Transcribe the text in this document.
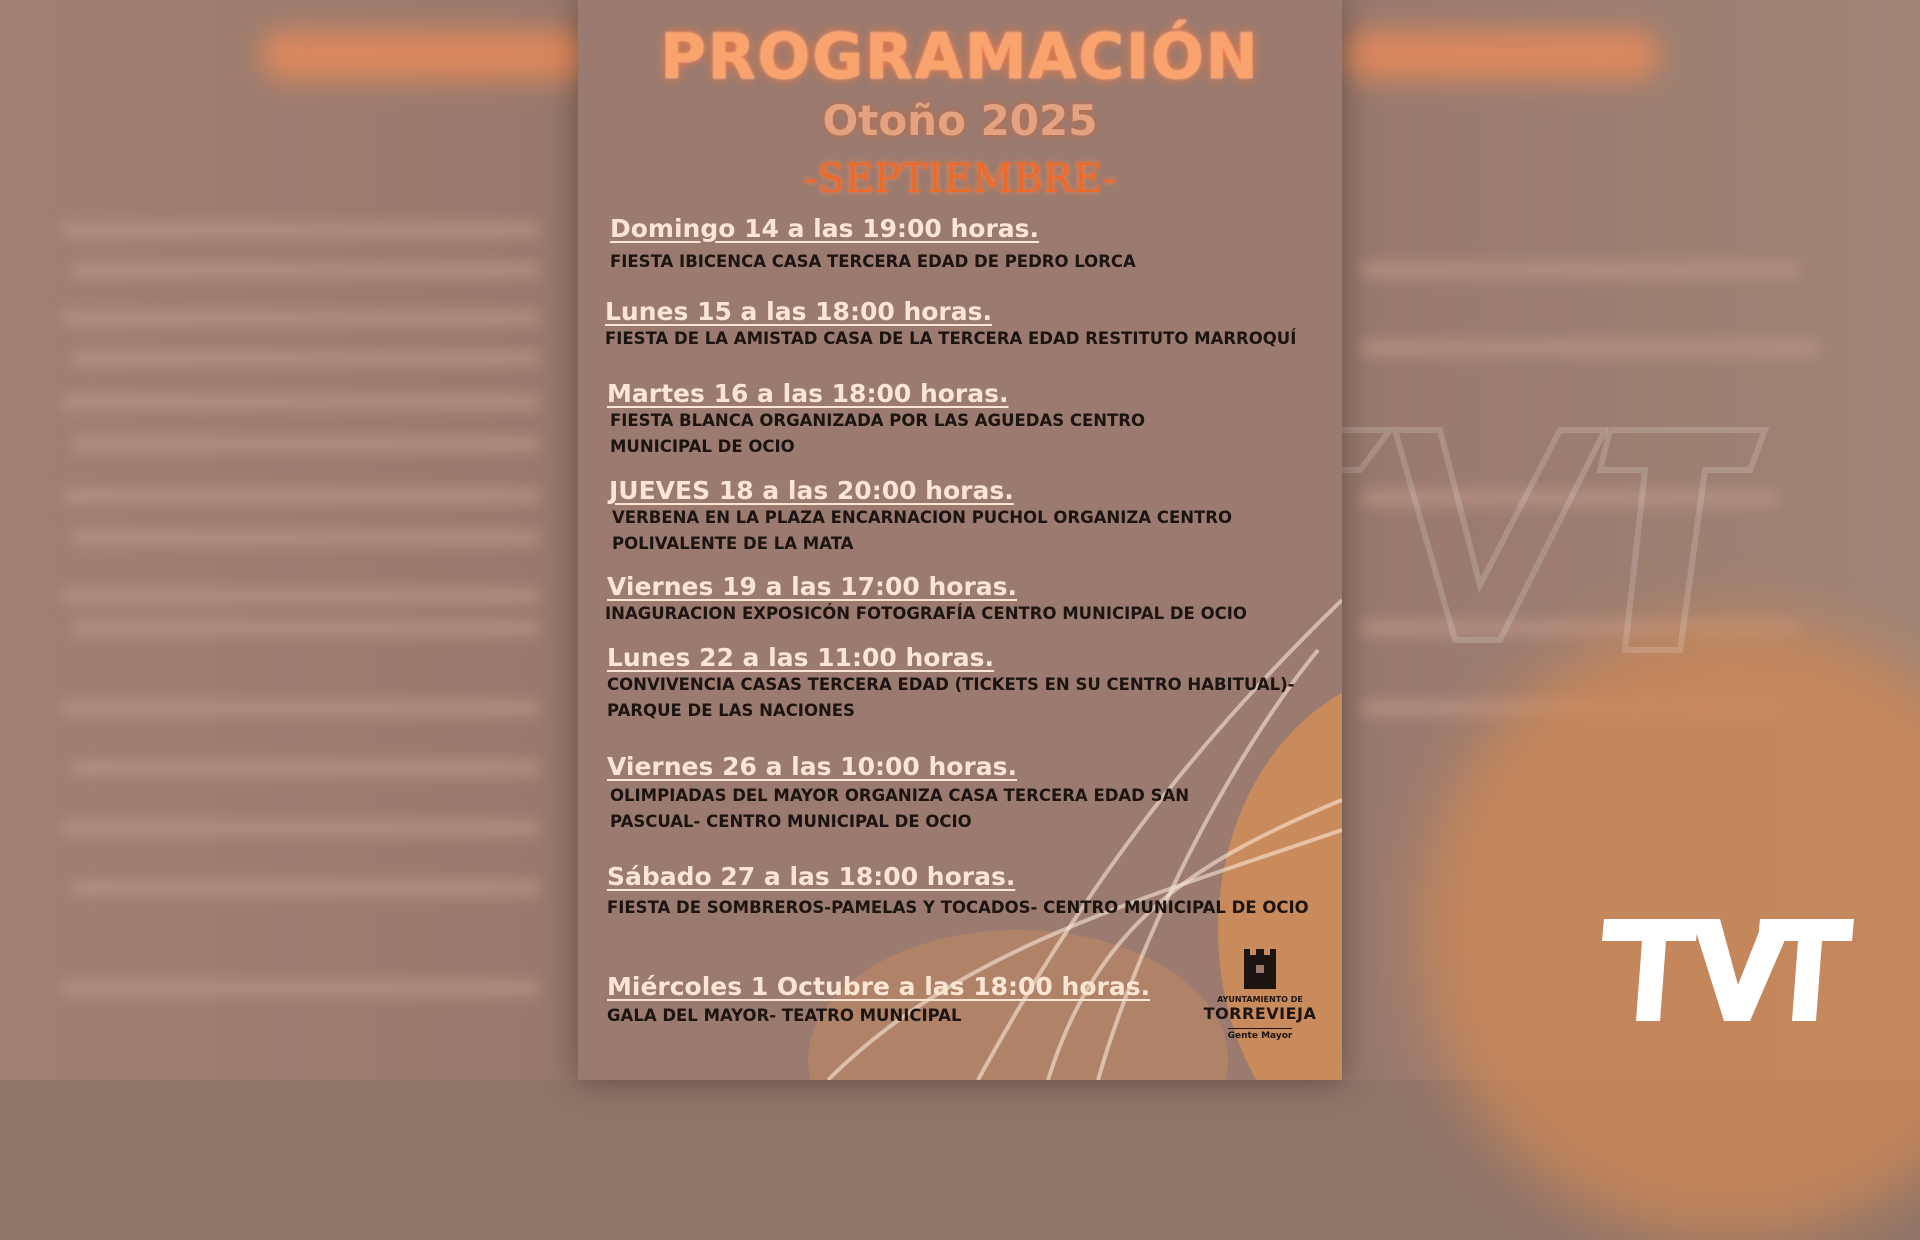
PROGRAMACIÓN
Otoño 2025
-SEPTIEMBRE-
Domingo 14 a las 19:00 horas.
FIESTA IBICENCA CASA TERCERA EDAD DE PEDRO LORCA
Lunes 15 a las 18:00 horas.
FIESTA DE LA AMISTAD CASA DE LA TERCERA EDAD RESTITUTO MARROQUÍ
Martes 16 a las 18:00 horas.
FIESTA BLANCA ORGANIZADA POR LAS AGUEDAS CENTRO MUNICIPAL DE OCIO
JUEVES 18 a las 20:00 horas.
VERBENA EN LA PLAZA ENCARNACION PUCHOL ORGANIZA CENTRO POLIVALENTE DE LA MATA
Viernes 19 a las 17:00 horas.
INAGURACION EXPOSICÓN FOTOGRAFÍA CENTRO MUNICIPAL DE OCIO
Lunes 22 a las 11:00 horas.
CONVIVENCIA CASAS TERCERA EDAD (TICKETS EN SU CENTRO HABITUAL)- PARQUE DE LAS NACIONES
Viernes 26 a las 10:00 horas.
OLIMPIADAS DEL MAYOR ORGANIZA CASA TERCERA EDAD SAN PASCUAL- CENTRO MUNICIPAL DE OCIO
Sábado 27 a las 18:00 horas.
FIESTA DE SOMBREROS-PAMELAS Y TOCADOS- CENTRO MUNICIPAL DE OCIO
Miércoles 1 Octubre a las 18:00 horas.
GALA DEL MAYOR- TEATRO MUNICIPAL
AYUNTAMIENTO DE
TORREVIEJA
Gente Mayor
